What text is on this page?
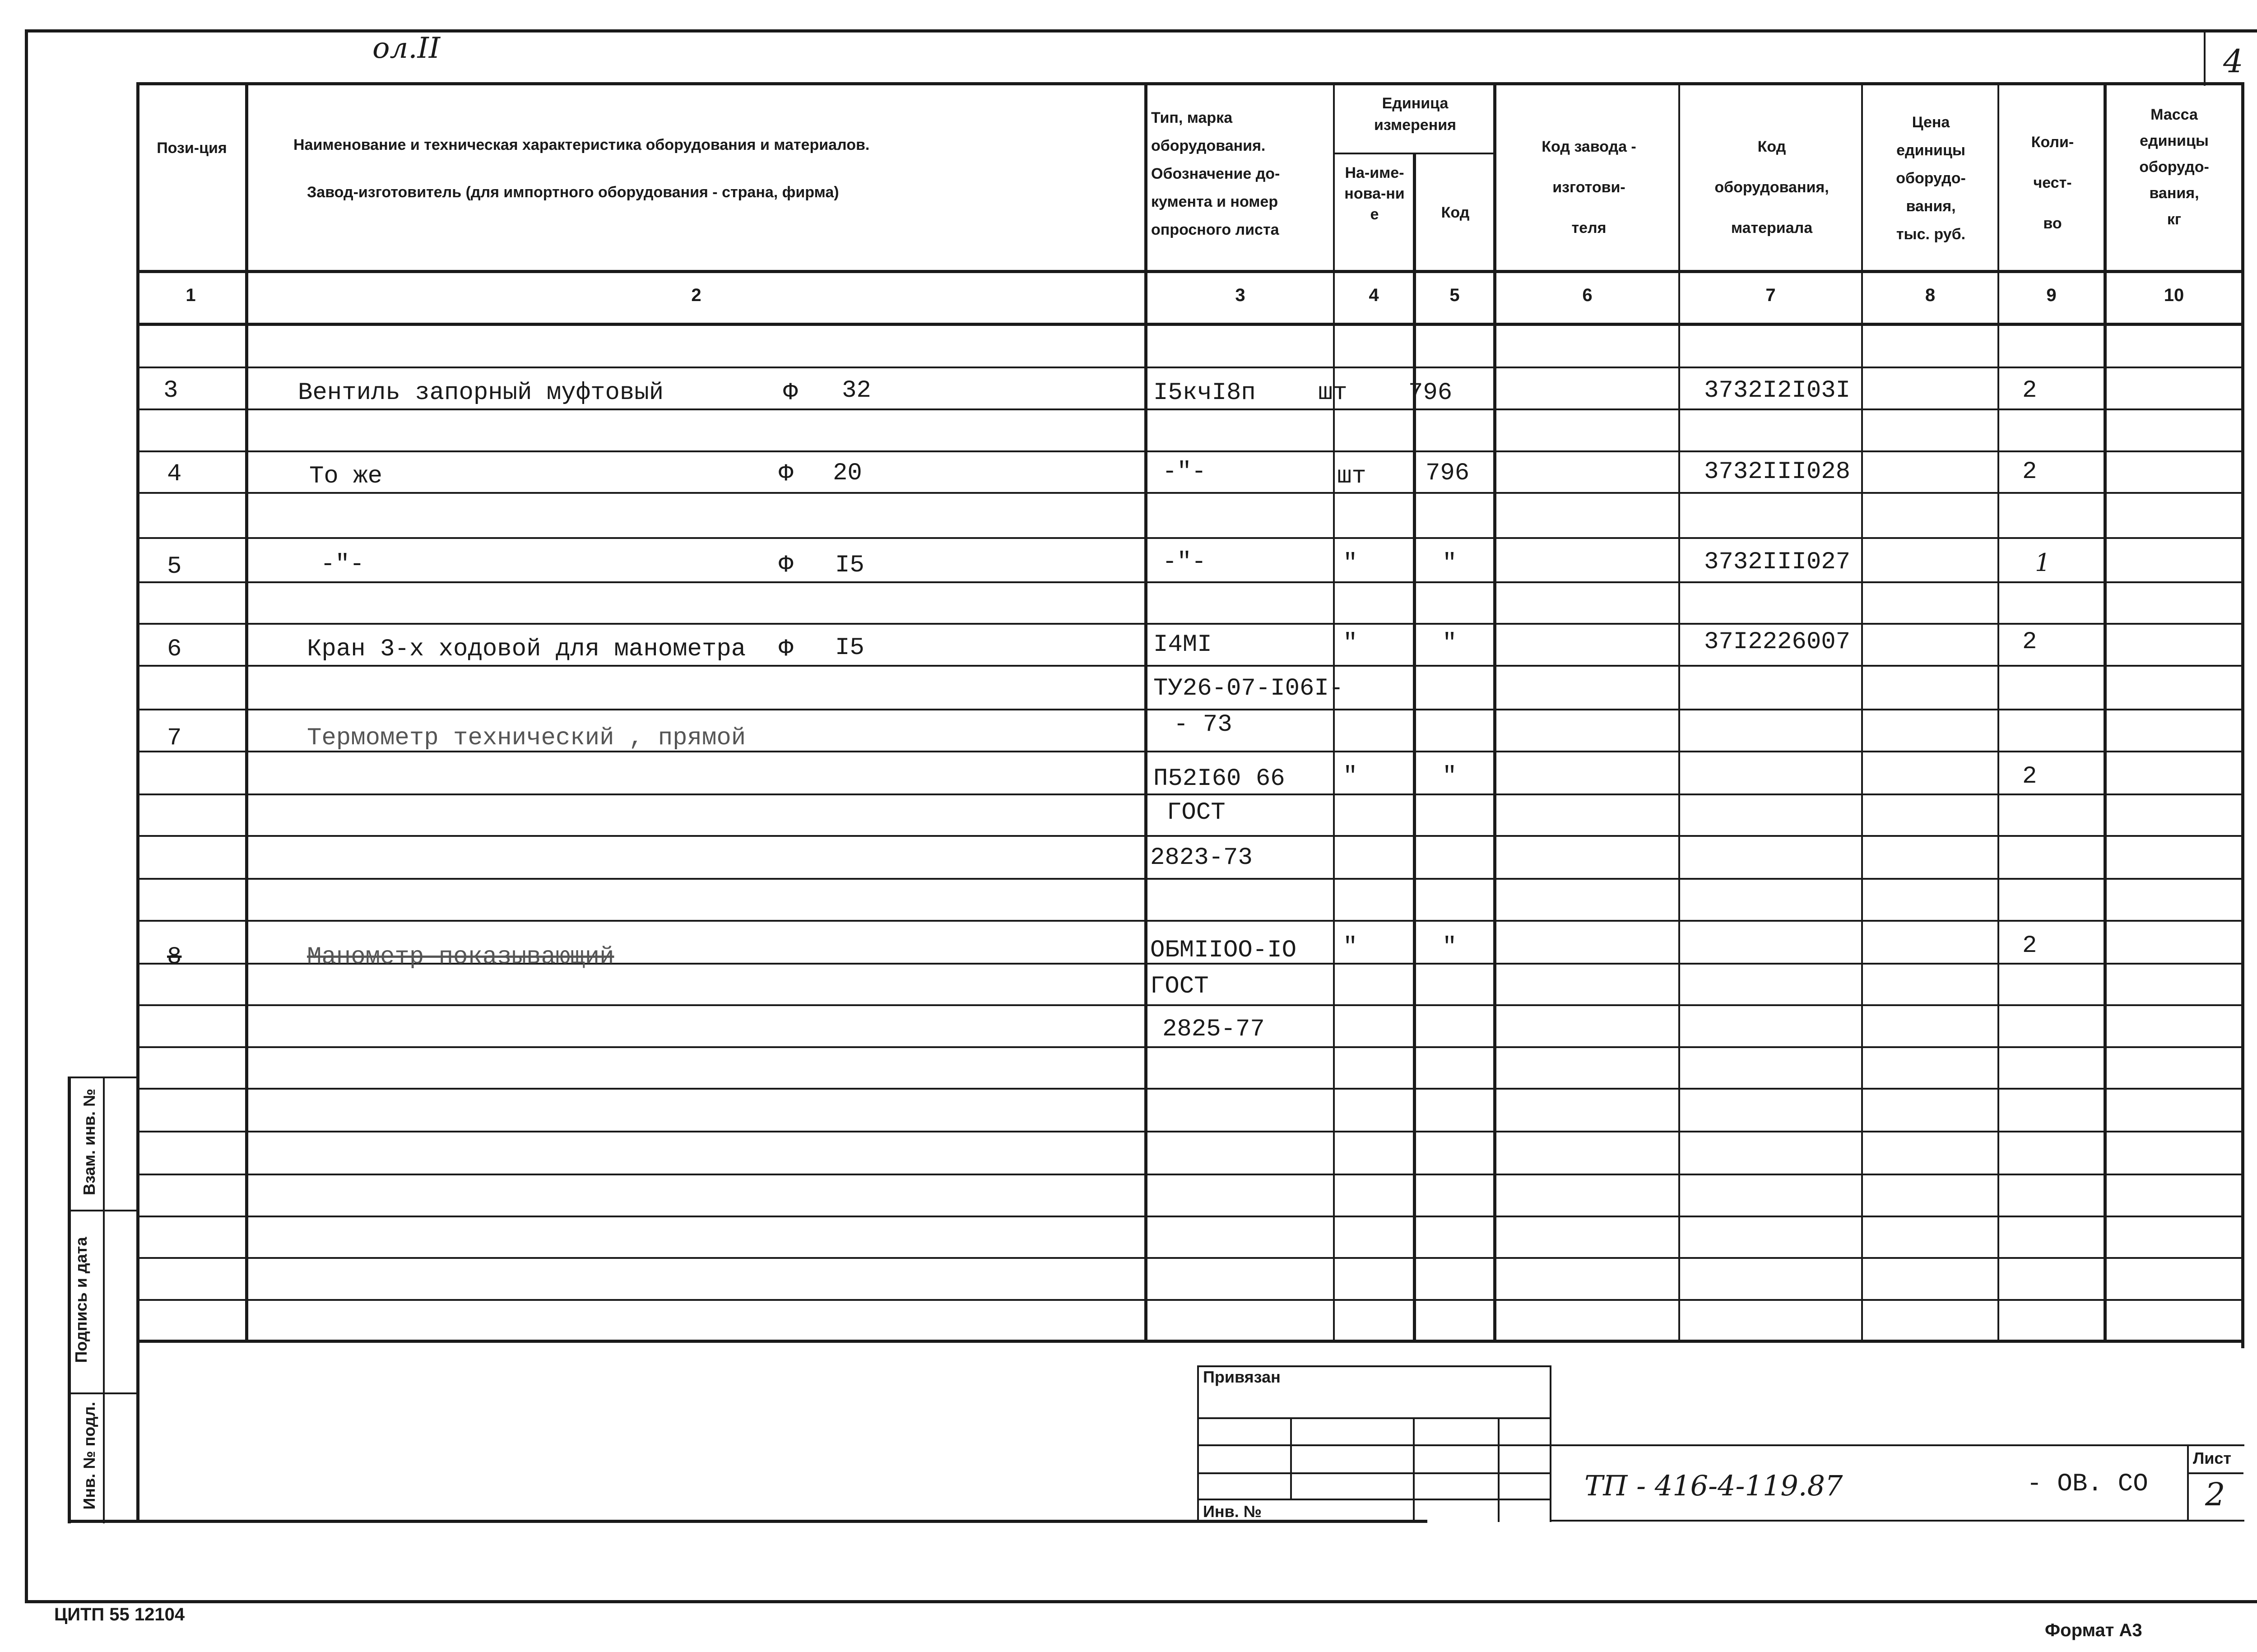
ол.II	4
Пози-ция	Наименование и техническая характеристика оборудования и материалов.
Завод-изготовитель (для импортного оборудования - страна, фирма)
Тип, марка
оборудования.
Обозначение до-
кумента и номер
опросного листа
Единица измерения
На-име-нова-ние	Код
Код завода -
изготови-
теля
Код
оборудования,
материала
Цена
единицы
оборудо-
вания,
тыс. руб.
Коли-
чест-
во
Масса
единицы
оборудо-
вания,
кг
1	2	3	4	5	6	7	8	9	10
3	Вентиль запорный муфтовый	Ф 32	I5кчI8п	шт	796	3732I2I03I	2
4	То же	Ф 20	-"-	шт 796	3732III028	2
5	-"-	Ф I5	-"-	"	"	3732III027	1
6	Кран 3-х ходовой для манометра Ф I5	I4МI	"	"	37I2226007	2
7	Термометр технический , прямой
ТУ26-07-I06I-
- 73
П52I60 66
ГОСТ
2823-73
"	"	2
8	Манометр показывающий	ОБМIIОО-IО
ГОСТ
2825-77
"	"	2
Взам. инв. №
Подпись и дата
Инв. № подл.
Привязан
Инв. №
ТП - 416-4-119.87	- ОВ. СО
Лист
2
Формат А3
ЦИТП 55 12104
